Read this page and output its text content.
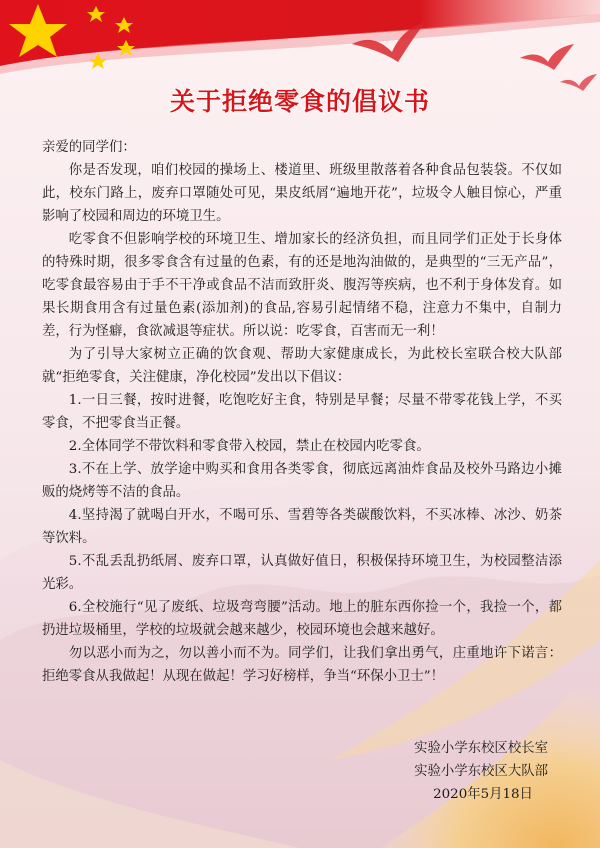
关于拒绝零食的倡议书

亲爱的同学们：

你是否发现，咱们校园的操场上、楼道里、班级里散落着各种食品包装袋。不仅如此，校东门路上，废弃口罩随处可见，果皮纸屑“遍地开花”，垃圾令人触目惊心，严重影响了校园和周边的环境卫生。

吃零食不但影响学校的环境卫生、增加家长的经济负担，而且同学们正处于长身体的特殊时期，很多零食含有过量的色素，有的还是地沟油做的，是典型的“三无产品”，吃零食最容易由于手不干净或食品不洁而致肝炎、腹泻等疾病，也不利于身体发育。如果长期食用含有过量色素(添加剂)的食品,容易引起情绪不稳，注意力不集中，自制力差，行为怪癖，食欲减退等症状。所以说：吃零食，百害而无一利！

为了引导大家树立正确的饮食观、帮助大家健康成长，为此校长室联合校大队部就“拒绝零食，关注健康，净化校园”发出以下倡议：

1.一日三餐，按时进餐，吃饱吃好主食，特别是早餐；尽量不带零花钱上学，不买零食，不把零食当正餐。

2.全体同学不带饮料和零食带入校园，禁止在校园内吃零食。

3.不在上学、放学途中购买和食用各类零食，彻底远离油炸食品及校外马路边小摊贩的烧烤等不洁的食品。

4.坚持渴了就喝白开水，不喝可乐、雪碧等各类碳酸饮料，不买冰棒、冰沙、奶茶等饮料。

5.不乱丢乱扔纸屑、废弃口罩，认真做好值日，积极保持环境卫生，为校园整洁添光彩。

6.全校施行“见了废纸、垃圾弯弯腰”活动。地上的脏东西你捡一个，我捡一个，都扔进垃圾桶里，学校的垃圾就会越来越少，校园环境也会越来越好。

勿以恶小而为之，勿以善小而不为。同学们，让我们拿出勇气，庄重地许下诺言：拒绝零食从我做起！从现在做起！学习好榜样，争当“环保小卫士”！

实验小学东校区校长室
实验小学东校区大队部
2020年5月18日
